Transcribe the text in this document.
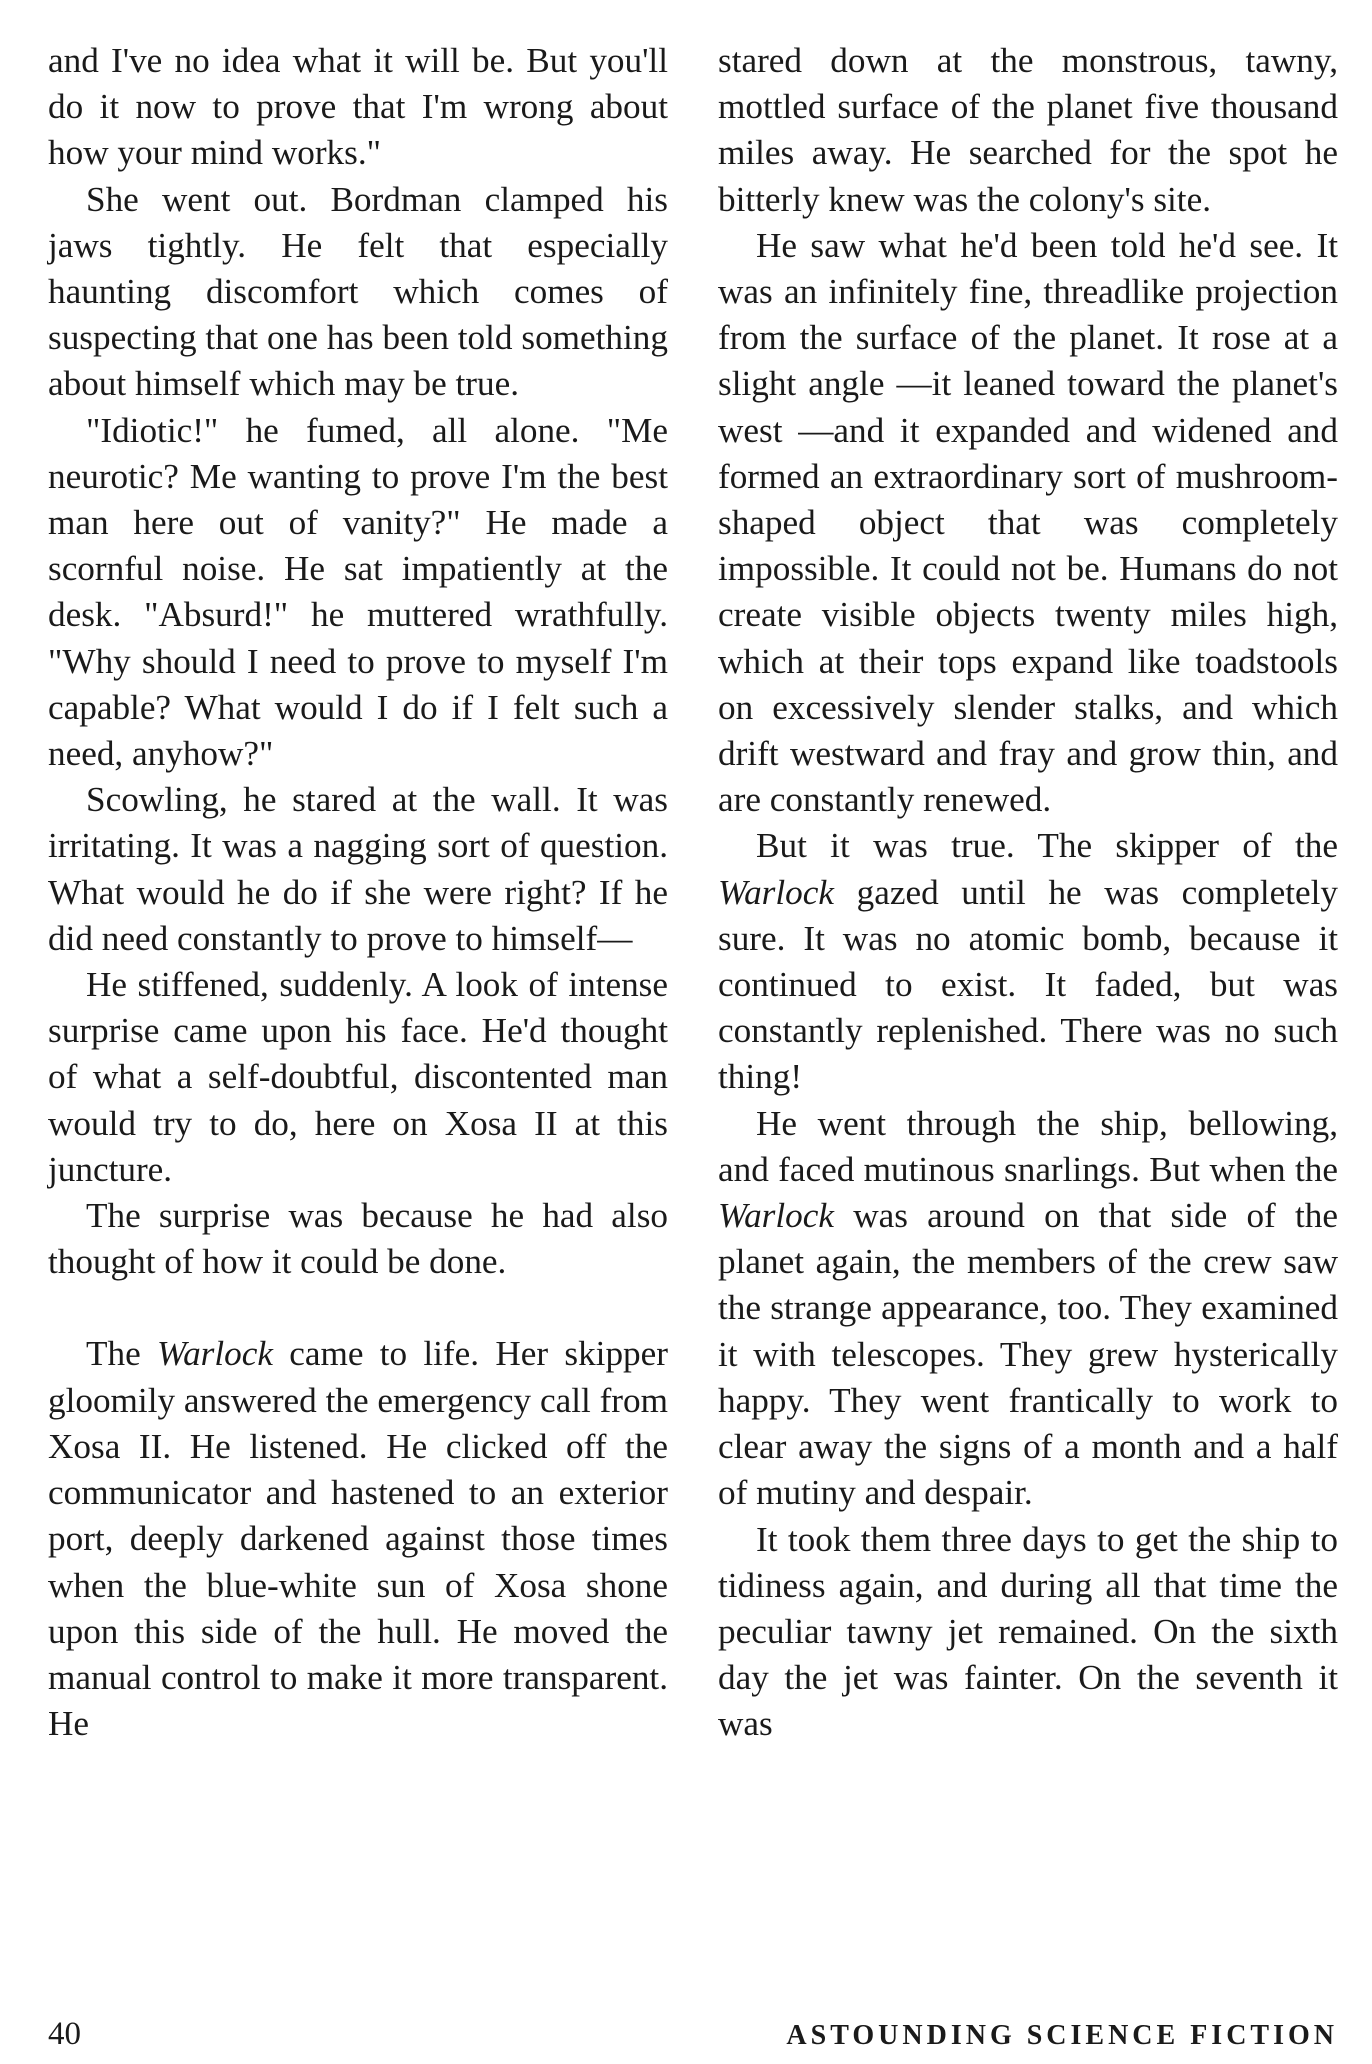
and I've no idea what it will be. But you'll do it now to prove that I'm wrong about how your mind works."

She went out. Bordman clamped his jaws tightly. He felt that especially haunting discomfort which comes of suspecting that one has been told something about himself which may be true.

"Idiotic!" he fumed, all alone. "Me neurotic? Me wanting to prove I'm the best man here out of vanity?" He made a scornful noise. He sat impatiently at the desk. "Absurd!" he muttered wrathfully. "Why should I need to prove to myself I'm capable? What would I do if I felt such a need, anyhow?"

Scowling, he stared at the wall. It was irritating. It was a nagging sort of question. What would he do if she were right? If he did need constantly to prove to himself—

He stiffened, suddenly. A look of intense surprise came upon his face. He'd thought of what a self-doubtful, discontented man would try to do, here on Xosa II at this juncture.

The surprise was because he had also thought of how it could be done.

The Warlock came to life. Her skipper gloomily answered the emergency call from Xosa II. He listened. He clicked off the communicator and hastened to an exterior port, deeply darkened against those times when the blue-white sun of Xosa shone upon this side of the hull. He moved the manual control to make it more transparent. He

stared down at the monstrous, tawny, mottled surface of the planet five thousand miles away. He searched for the spot he bitterly knew was the colony's site.

He saw what he'd been told he'd see. It was an infinitely fine, threadlike projection from the surface of the planet. It rose at a slight angle —it leaned toward the planet's west —and it expanded and widened and formed an extraordinary sort of mushroom-shaped object that was completely impossible. It could not be. Humans do not create visible objects twenty miles high, which at their tops expand like toadstools on excessively slender stalks, and which drift westward and fray and grow thin, and are constantly renewed.

But it was true. The skipper of the Warlock gazed until he was completely sure. It was no atomic bomb, because it continued to exist. It faded, but was constantly replenished. There was no such thing!

He went through the ship, bellowing, and faced mutinous snarlings. But when the Warlock was around on that side of the planet again, the members of the crew saw the strange appearance, too. They examined it with telescopes. They grew hysterically happy. They went frantically to work to clear away the signs of a month and a half of mutiny and despair.

It took them three days to get the ship to tidiness again, and during all that time the peculiar tawny jet remained. On the sixth day the jet was fainter. On the seventh it was

40	ASTOUNDING SCIENCE FICTION
